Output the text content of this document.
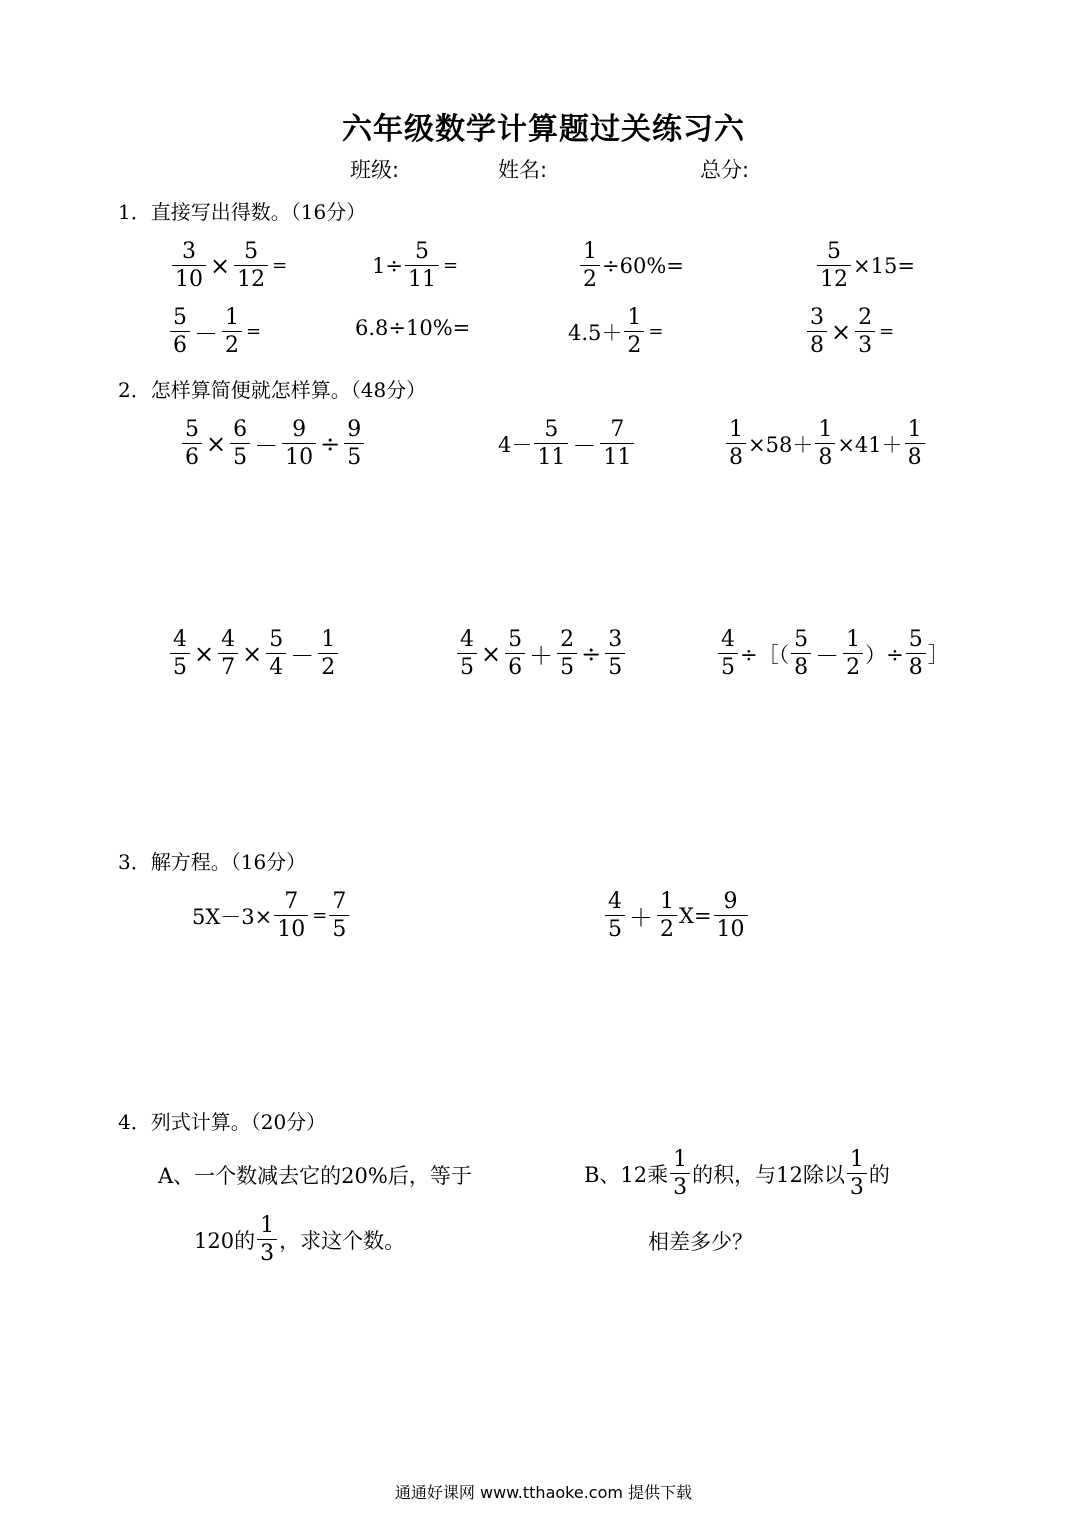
六年级数学计算题过关练习六
班级:	姓名:	总分:
1．直接写出得数。（16分）
$\frac{3}{10} \times \frac{5}{12}$ =	$1\div \frac{5}{11}$ =	$\frac{1}{2} \div 60\%=$	$\frac{5}{12} \times 15=$
$\frac{5}{6} - \frac{1}{2}$ =	6.8÷10%=	$4.5+ \frac{1}{2}$ =	$\frac{3}{8} \times \frac{2}{3}$ =
2．怎样算简便就怎样算。（48分）
$\frac{5}{6} \times \frac{6}{5} - \frac{9}{10} \div \frac{9}{5}$	$4- \frac{5}{11} - \frac{7}{11}$	$\frac{1}{8} \times 58+ \frac{1}{8} \times 41+ \frac{1}{8}$
$\frac{4}{5} \times \frac{4}{7} \times \frac{5}{4} - \frac{1}{2}$	$\frac{4}{5} \times \frac{5}{6} + \frac{2}{5} \div \frac{3}{5}$	$\frac{4}{5}$ ÷［（ $\frac{5}{8} - \frac{1}{2}$ ）÷ $\frac{5}{8}$ ］
3．解方程。（16分）
$5X-3\times \frac{7}{10} = \frac{7}{5}$	$\frac{4}{5} + \frac{1}{2} X= \frac{9}{10}$
4．列式计算。（20分）
A、一个数减去它的20%后，等于
120的 $\frac{1}{3}$ ，求这个数。
B、12乘 $\frac{1}{3}$ 的积，与12除以 $\frac{1}{3}$ 的
相差多少？
通通好课网 www.tthaoke.com 提供下载
